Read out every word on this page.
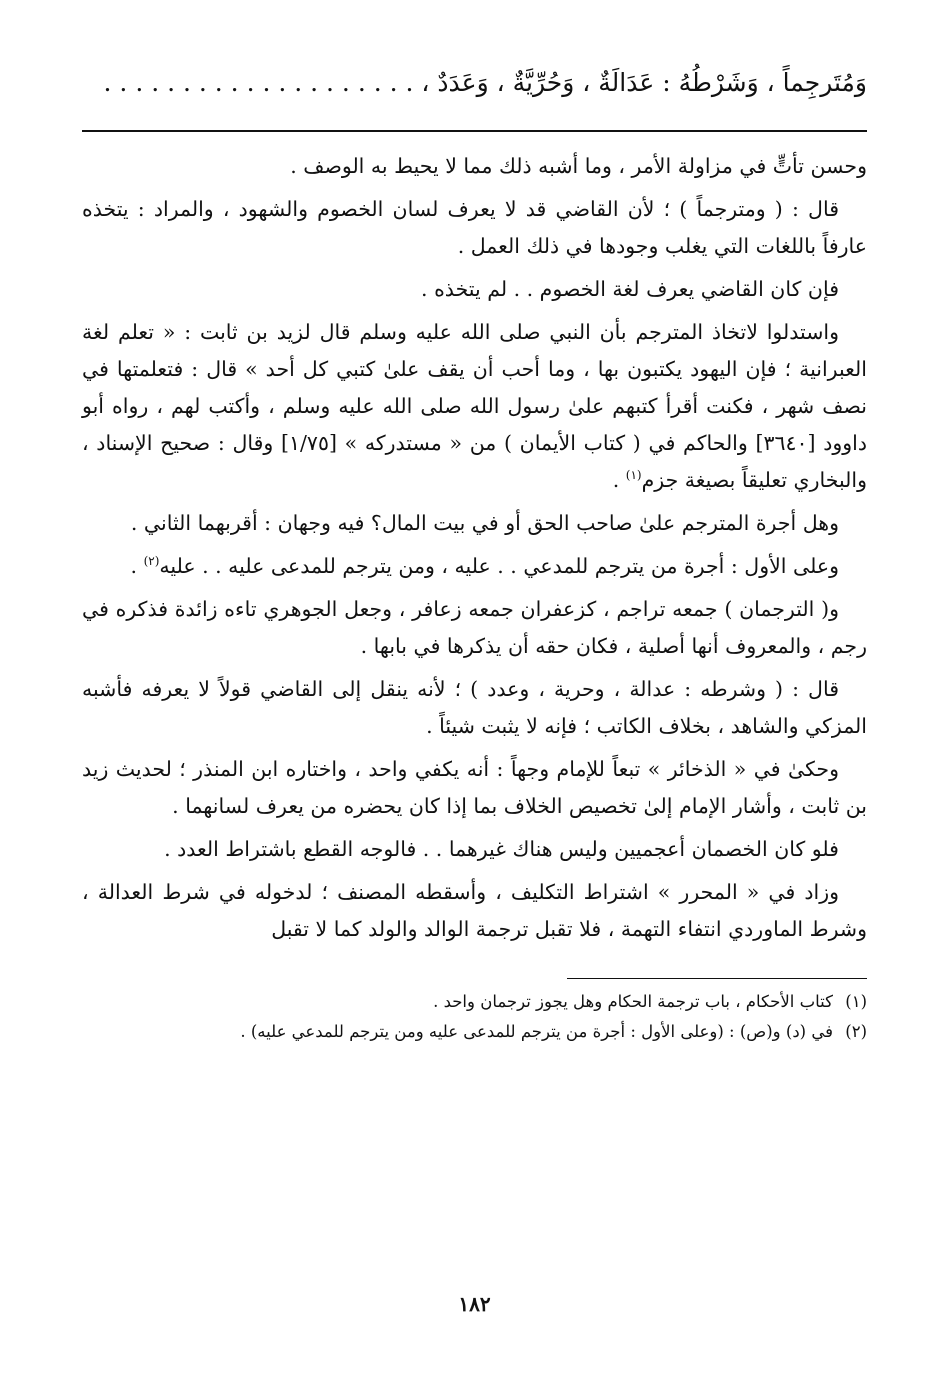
وَمُتَرجِماً ، وَشَرْطُهُ : عَدَالَةٌ ، وَحُرِّيَّةٌ ، وَعَدَدٌ ، . . . . . . . . . . . . . . . . . . . .

وحسن تأتٍّ في مزاولة الأمر ، وما أشبه ذلك مما لا يحيط به الوصف .

قال : ( ومترجماً ) ؛ لأن القاضي قد لا يعرف لسان الخصوم والشهود ، والمراد : يتخذه عارفاً باللغات التي يغلب وجودها في ذلك العمل .

فإن كان القاضي يعرف لغة الخصوم . . لم يتخذه .

واستدلوا لاتخاذ المترجم بأن النبي صلى الله عليه وسلم قال لزيد بن ثابت : « تعلم لغة العبرانية ؛ فإن اليهود يكتبون بها ، وما أحب أن يقف علىٰ كتبي كل أحد » قال : فتعلمتها في نصف شهر ، فكنت أقرأ كتبهم علىٰ رسول الله صلى الله عليه وسلم ، وأكتب لهم ، رواه أبو داوود [٣٦٤٠] والحاكم في ( كتاب الأيمان ) من « مستدركه » [١/٧٥] وقال : صحيح الإسناد ، والبخاري تعليقاً بصيغة جزم$^{(١)}$ .

وهل أجرة المترجم علىٰ صاحب الحق أو في بيت المال؟ فيه وجهان : أقربهما الثاني .

وعلى الأول : أجرة من يترجم للمدعي . . عليه ، ومن يترجم للمدعى عليه . . عليه$^{(٢)}$ .

و( الترجمان ) جمعه تراجم ، كزعفران جمعه زعافر ، وجعل الجوهري تاءه زائدة فذكره في رجم ، والمعروف أنها أصلية ، فكان حقه أن يذكرها في بابها .

قال : ( وشرطه : عدالة ، وحرية ، وعدد ) ؛ لأنه ينقل إلى القاضي قولاً لا يعرفه فأشبه المزكي والشاهد ، بخلاف الكاتب ؛ فإنه لا يثبت شيئاً .

وحكىٰ في « الذخائر » تبعاً للإمام وجهاً : أنه يكفي واحد ، واختاره ابن المنذر ؛ لحديث زيد بن ثابت ، وأشار الإمام إلىٰ تخصيص الخلاف بما إذا كان يحضره من يعرف لسانهما .

فلو كان الخصمان أعجميين وليس هناك غيرهما . . فالوجه القطع باشتراط العدد .

وزاد في « المحرر » اشتراط التكليف ، وأسقطه المصنف ؛ لدخوله في شرط العدالة ، وشرط الماوردي انتفاء التهمة ، فلا تقبل ترجمة الوالد والولد كما لا تقبل

(١)كتاب الأحكام ، باب ترجمة الحكام وهل يجوز ترجمان واحد .

(٢)في (د) و(ص) : (وعلى الأول : أجرة من يترجم للمدعى عليه ومن يترجم للمدعي عليه) .

١٨٢
